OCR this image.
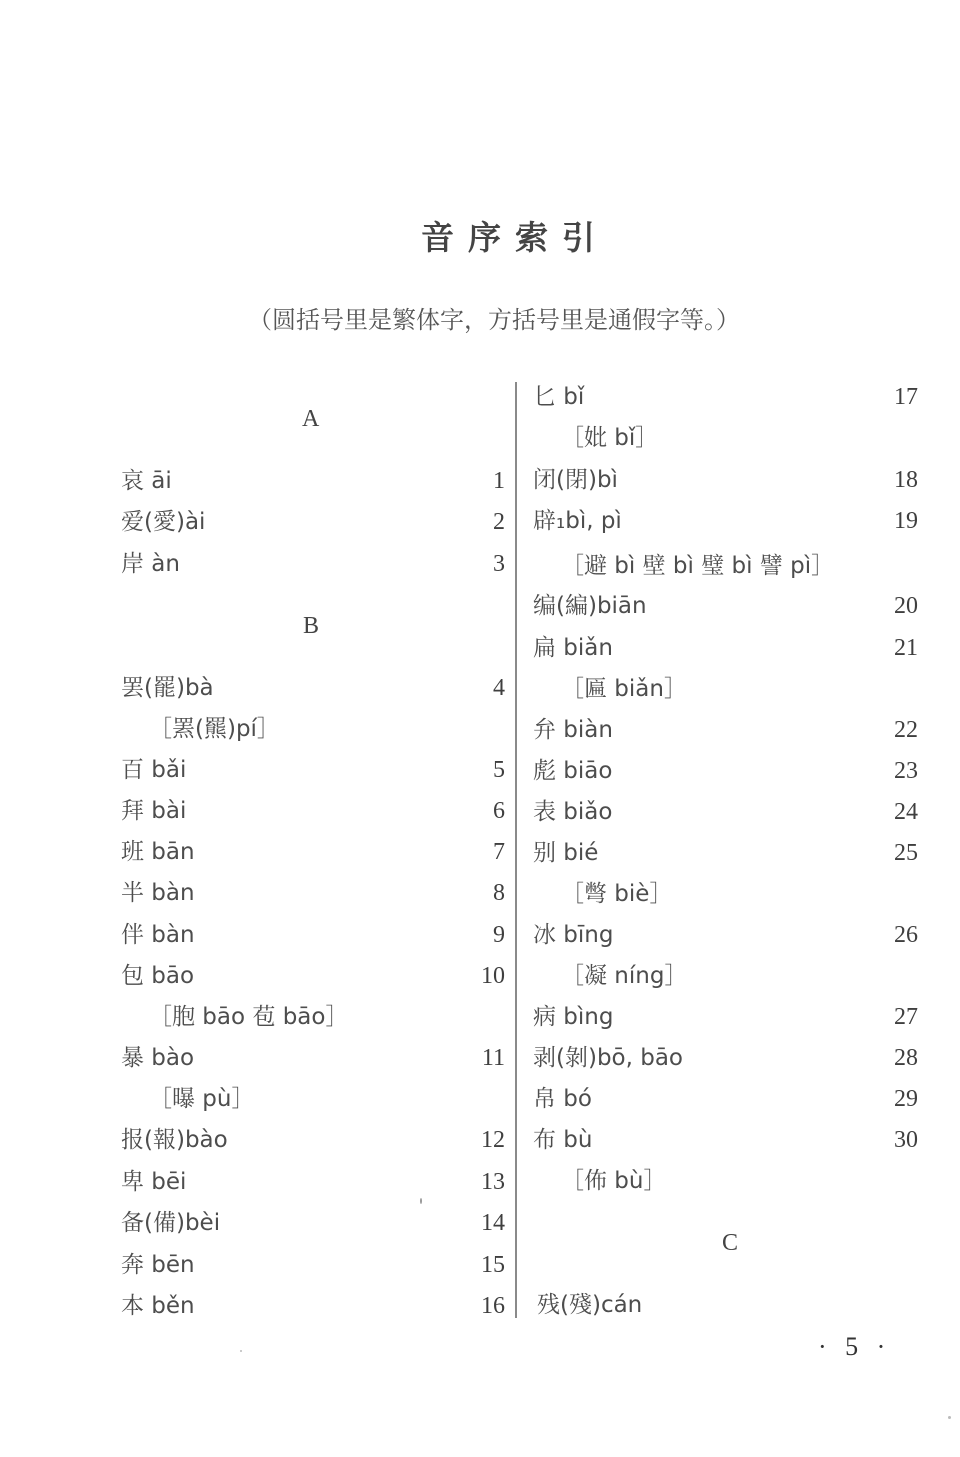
音序索引
（圆括号里是繁体字，方括号里是通假字等。）
A
哀 āi	1
爱(愛)ài	2
岸 àn	3
B
罢(罷)bà	4
［罴(羆)pí］
百 bǎi	5
拜 bài	6
班 bān	7
半 bàn	8
伴 bàn	9
包 bāo	10
［胞 bāo 苞 bāo］
暴 bào	11
［曝 pù］
报(報)bào	12
卑 bēi	13
备(備)bèi	14
奔 bēn	15
本 běn	16
匕 bǐ	17
［妣 bǐ］
闭(閉)bì	18
辟₁bì, pì	19
［避 bì 壁 bì 璧 bì 譬 pì］
编(編)biān	20
扁 biǎn	21
［匾 biǎn］
弁 biàn	22
彪 biāo	23
表 biǎo	24
别 bié	25
［彆 biè］
冰 bīng	26
［凝 níng］
病 bìng	27
剥(剝)bō, bāo	28
帛 bó	29
布 bù	30
［佈 bù］
C
残(殘)cán
· 5 ·
